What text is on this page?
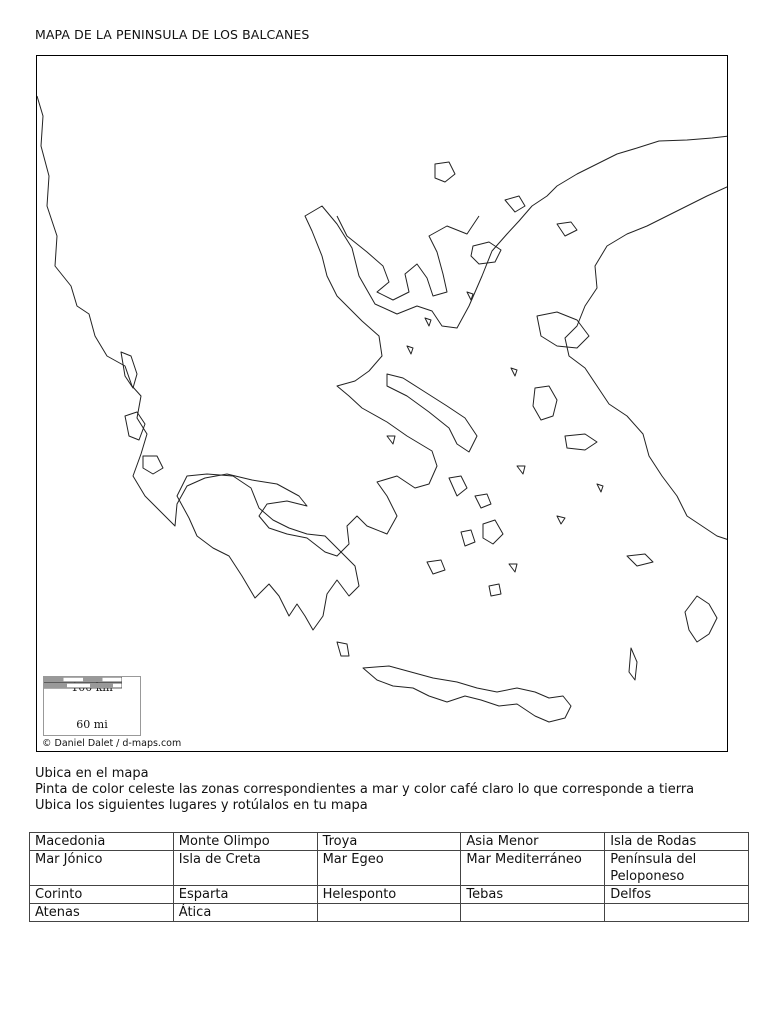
MAPA DE LA PENINSULA DE LOS BALCANES
60 mi
© Daniel Dalet / d-maps.com
Ubica en el mapa
Pinta de color celeste las zonas correspondientes a mar y color café claro lo que corresponde a tierra
Ubica los siguientes lugares y rotúlalos en tu mapa
Macedonia	Monte Olimpo	Troya	Asia Menor	Isla de Rodas
Mar Jónico	Isla de Creta	Mar Egeo	Mar Mediterráneo	Península del Peloponeso
Corinto	Esparta	Helesponto	Tebas	Delfos
Atenas	Ática			
